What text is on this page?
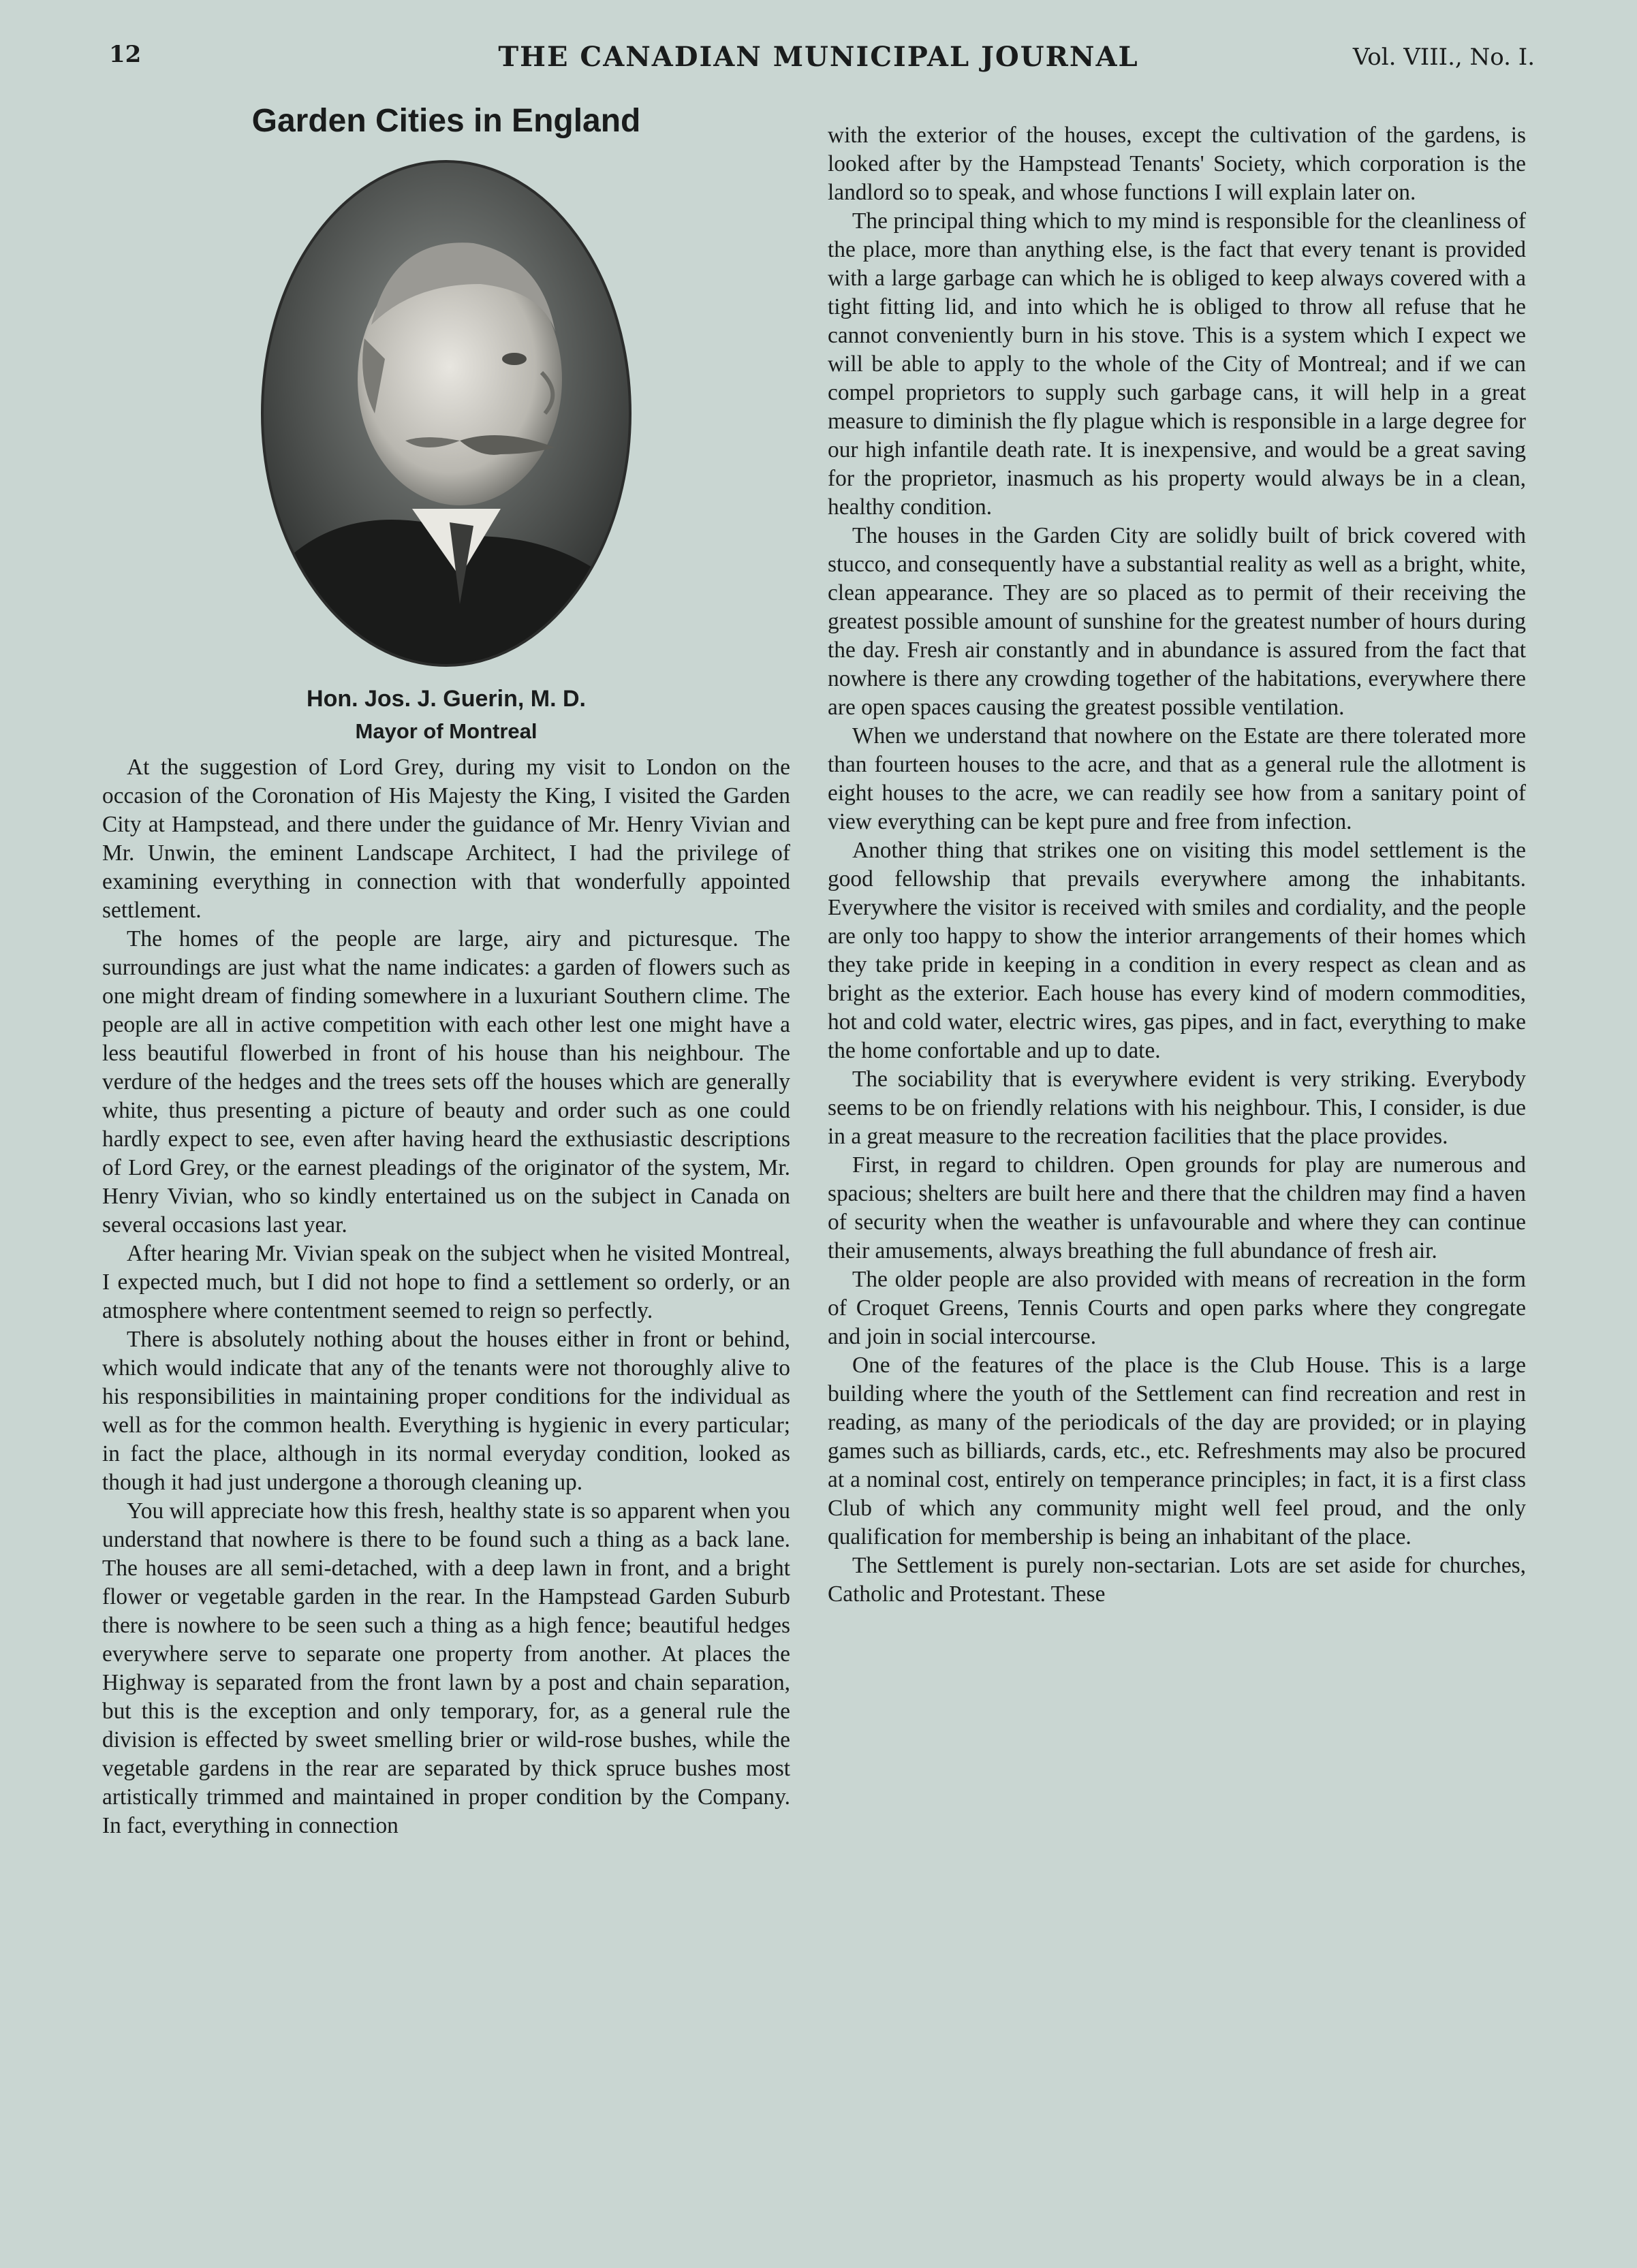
12	THE CANADIAN MUNICIPAL JOURNAL	Vol. VIII., No. I.
Garden Cities in England
Hon. Jos. J. Guerin, M. D.
Mayor of Montreal

At the suggestion of Lord Grey, during my visit to London on the occasion of the Coronation of His Majesty the King, I visited the Garden City at Hampstead, and there under the guidance of Mr. Henry Vivian and Mr. Unwin, the eminent Landscape Architect, I had the privilege of examining everything in connection with that wonderfully appointed settlement.

The homes of the people are large, airy and picturesque. The surroundings are just what the name indicates: a garden of flowers such as one might dream of finding somewhere in a luxuriant Southern clime. The people are all in active competition with each other lest one might have a less beautiful flowerbed in front of his house than his neighbour. The verdure of the hedges and the trees sets off the houses which are generally white, thus presenting a picture of beauty and order such as one could hardly expect to see, even after having heard the exthusiastic descriptions of Lord Grey, or the earnest pleadings of the originator of the system, Mr. Henry Vivian, who so kindly entertained us on the subject in Canada on several occasions last year.

After hearing Mr. Vivian speak on the subject when he visited Montreal, I expected much, but I did not hope to find a settlement so orderly, or an atmosphere where contentment seemed to reign so perfectly.

There is absolutely nothing about the houses either in front or behind, which would indicate that any of the tenants were not thoroughly alive to his responsibilities in maintaining proper conditions for the individual as well as for the common health. Everything is hygienic in every particular; in fact the place, although in its normal everyday condition, looked as though it had just undergone a thorough cleaning up.

You will appreciate how this fresh, healthy state is so apparent when you understand that nowhere is there to be found such a thing as a back lane. The houses are all semi-detached, with a deep lawn in front, and a bright flower or vegetable garden in the rear. In the Hampstead Garden Suburb there is nowhere to be seen such a thing as a high fence; beautiful hedges everywhere serve to separate one property from another. At places the Highway is separated from the front lawn by a post and chain separation, but this is the exception and only temporary, for, as a general rule the division is effected by sweet smelling brier or wild-rose bushes, while the vegetable gardens in the rear are separated by thick spruce bushes most artistically trimmed and maintained in proper condition by the Company. In fact, everything in connection

with the exterior of the houses, except the cultivation of the gardens, is looked after by the Hampstead Tenants' Society, which corporation is the landlord so to speak, and whose functions I will explain later on.

The principal thing which to my mind is responsible for the cleanliness of the place, more than anything else, is the fact that every tenant is provided with a large garbage can which he is obliged to keep always covered with a tight fitting lid, and into which he is obliged to throw all refuse that he cannot conveniently burn in his stove. This is a system which I expect we will be able to apply to the whole of the City of Montreal; and if we can compel proprietors to supply such garbage cans, it will help in a great measure to diminish the fly plague which is responsible in a large degree for our high infantile death rate. It is inexpensive, and would be a great saving for the proprietor, inasmuch as his property would always be in a clean, healthy condition.

The houses in the Garden City are solidly built of brick covered with stucco, and consequently have a substantial reality as well as a bright, white, clean appearance. They are so placed as to permit of their receiving the greatest possible amount of sunshine for the greatest number of hours during the day. Fresh air constantly and in abundance is assured from the fact that nowhere is there any crowding together of the habitations, everywhere there are open spaces causing the greatest possible ventilation.

When we understand that nowhere on the Estate are there tolerated more than fourteen houses to the acre, and that as a general rule the allotment is eight houses to the acre, we can readily see how from a sanitary point of view everything can be kept pure and free from infection.

Another thing that strikes one on visiting this model settlement is the good fellowship that prevails everywhere among the inhabitants. Everywhere the visitor is received with smiles and cordiality, and the people are only too happy to show the interior arrangements of their homes which they take pride in keeping in a condition in every respect as clean and as bright as the exterior. Each house has every kind of modern commodities, hot and cold water, electric wires, gas pipes, and in fact, everything to make the home confortable and up to date.

The sociability that is everywhere evident is very striking. Everybody seems to be on friendly relations with his neighbour. This, I consider, is due in a great measure to the recreation facilities that the place provides.

First, in regard to children. Open grounds for play are numerous and spacious; shelters are built here and there that the children may find a haven of security when the weather is unfavourable and where they can continue their amusements, always breathing the full abundance of fresh air.

The older people are also provided with means of recreation in the form of Croquet Greens, Tennis Courts and open parks where they congregate and join in social intercourse.

One of the features of the place is the Club House. This is a large building where the youth of the Settlement can find recreation and rest in reading, as many of the periodicals of the day are provided; or in playing games such as billiards, cards, etc., etc. Refreshments may also be procured at a nominal cost, entirely on temperance principles; in fact, it is a first class Club of which any community might well feel proud, and the only qualification for membership is being an inhabitant of the place.

The Settlement is purely non-sectarian. Lots are set aside for churches, Catholic and Protestant. These
